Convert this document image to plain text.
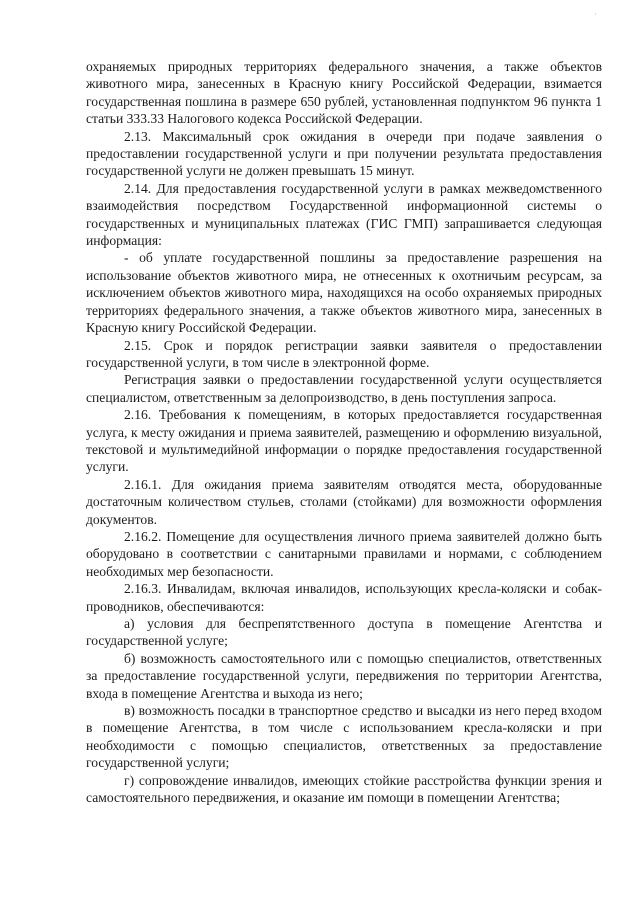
·

охраняемых природных территориях федерального значения, а также объектов животного мира, занесенных в Красную книгу Российской Федерации, взимается государственная пошлина в размере 650 рублей, установленная подпунктом 96 пункта 1 статьи 333.33 Налогового кодекса Российской Федерации.

2.13. Максимальный срок ожидания в очереди при подаче заявления о предоставлении государственной услуги и при получении результата предоставления государственной услуги не должен превышать 15 минут.

2.14. Для предоставления государственной услуги в рамках межведомственного взаимодействия посредством Государственной информационной системы о государственных и муниципальных платежах (ГИС ГМП) запрашивается следующая информация:

- об уплате государственной пошлины за предоставление разрешения на использование объектов животного мира, не отнесенных к охотничьим ресурсам, за исключением объектов животного мира, находящихся на особо охраняемых природных территориях федерального значения, а также объектов животного мира, занесенных в Красную книгу Российской Федерации.

2.15. Срок и порядок регистрации заявки заявителя о предоставлении государственной услуги, в том числе в электронной форме.

Регистрация заявки о предоставлении государственной услуги осуществляется специалистом, ответственным за делопроизводство, в день поступления запроса.

2.16. Требования к помещениям, в которых предоставляется государственная услуга, к месту ожидания и приема заявителей, размещению и оформлению визуальной, текстовой и мультимедийной информации о порядке предоставления государственной услуги.

2.16.1. Для ожидания приема заявителям отводятся места, оборудованные достаточным количеством стульев, столами (стойками) для возможности оформления документов.

2.16.2. Помещение для осуществления личного приема заявителей должно быть оборудовано в соответствии с санитарными правилами и нормами, с соблюдением необходимых мер безопасности.

2.16.3. Инвалидам, включая инвалидов, использующих кресла-коляски и собак-проводников, обеспечиваются:

а) условия для беспрепятственного доступа в помещение Агентства и государственной услуге;

б) возможность самостоятельного или с помощью специалистов, ответственных за предоставление государственной услуги, передвижения по территории Агентства, входа в помещение Агентства и выхода из него;

в) возможность посадки в транспортное средство и высадки из него перед входом в помещение Агентства, в том числе с использованием кресла-коляски и при необходимости с помощью специалистов, ответственных за предоставление государственной услуги;

г) сопровождение инвалидов, имеющих стойкие расстройства функции зрения и самостоятельного передвижения, и оказание им помощи в помещении Агентства;
